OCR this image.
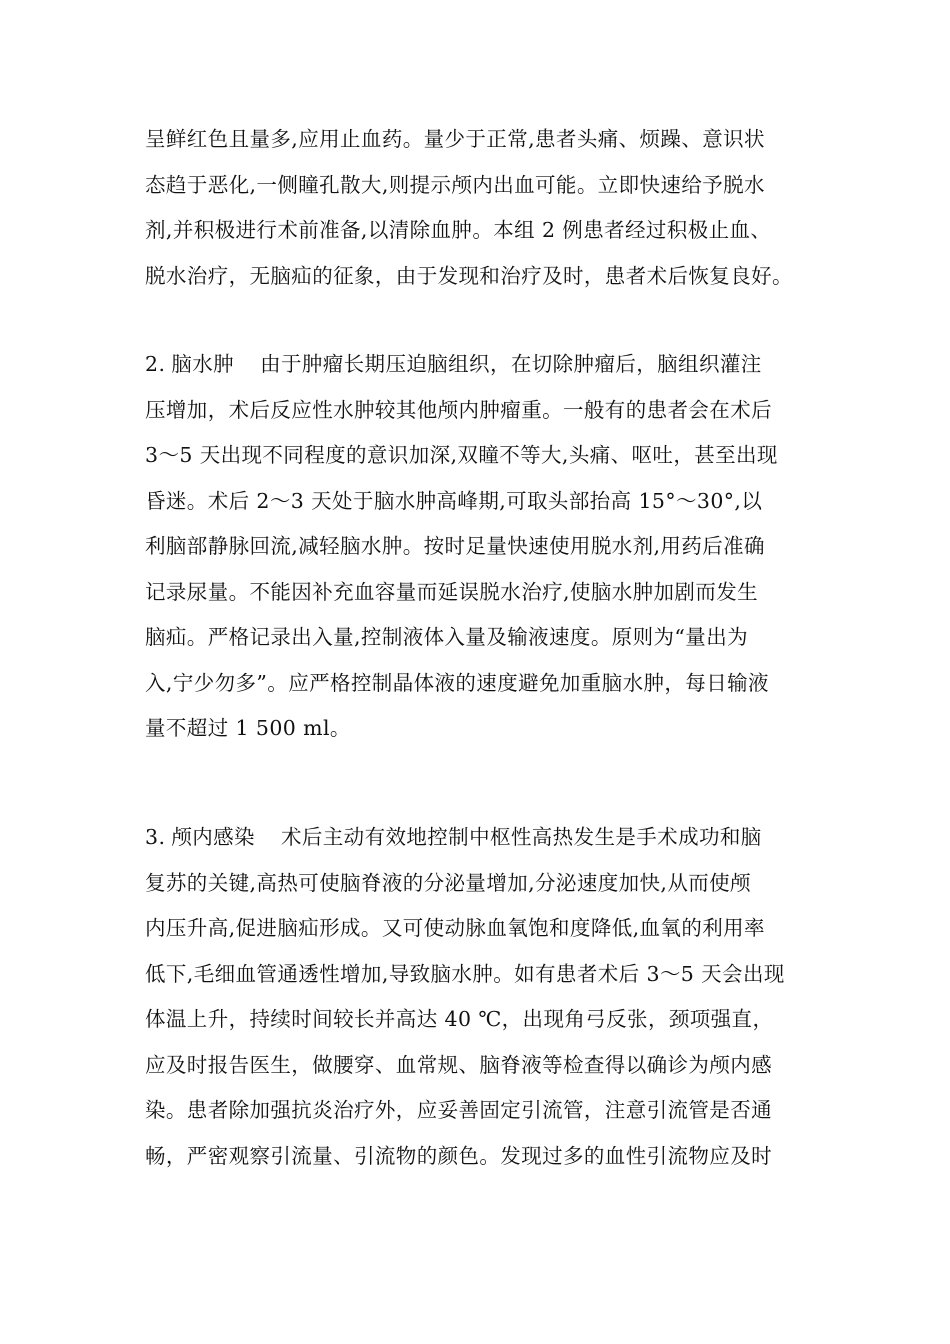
呈鲜红色且量多,应用止血药。量少于正常,患者头痛、烦躁、意识状
态趋于恶化,一侧瞳孔散大,则提示颅内出血可能。立即快速给予脱水
剂,并积极进行术前准备,以清除血肿。本组 2 例患者经过积极止血、
脱水治疗，无脑疝的征象，由于发现和治疗及时，患者术后恢复良好。
2. 脑水肿 由于肿瘤长期压迫脑组织，在切除肿瘤后，脑组织灌注
压增加，术后反应性水肿较其他颅内肿瘤重。一般有的患者会在术后
3～5 天出现不同程度的意识加深,双瞳不等大,头痛、呕吐，甚至出现
昏迷。术后 2～3 天处于脑水肿高峰期,可取头部抬高 15°～30°,以
利脑部静脉回流,减轻脑水肿。按时足量快速使用脱水剂,用药后准确
记录尿量。不能因补充血容量而延误脱水治疗,使脑水肿加剧而发生
脑疝。严格记录出入量,控制液体入量及输液速度。原则为“量出为
入,宁少勿多”。应严格控制晶体液的速度避免加重脑水肿，每日输液
量不超过 1 500 ml。
3. 颅内感染 术后主动有效地控制中枢性高热发生是手术成功和脑
复苏的关键,高热可使脑脊液的分泌量增加,分泌速度加快,从而使颅
内压升高,促进脑疝形成。又可使动脉血氧饱和度降低,血氧的利用率
低下,毛细血管通透性增加,导致脑水肿。如有患者术后 3～5 天会出现
体温上升，持续时间较长并高达 40 ℃，出现角弓反张，颈项强直，
应及时报告医生，做腰穿、血常规、脑脊液等检查得以确诊为颅内感
染。患者除加强抗炎治疗外，应妥善固定引流管，注意引流管是否通
畅，严密观察引流量、引流物的颜色。发现过多的血性引流物应及时
